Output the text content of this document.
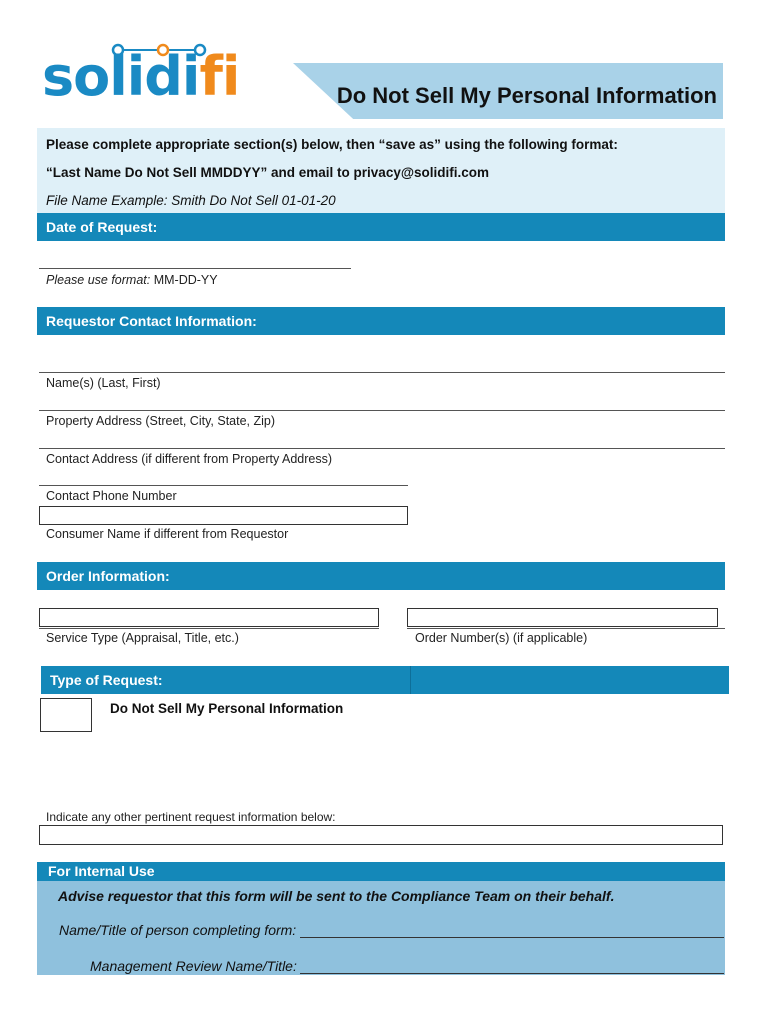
solidifi	Do Not Sell My Personal Information
Please complete appropriate section(s) below, then “save as” using the following format:
“Last Name Do Not Sell MMDDYY” and email to privacy@solidifi.com
File Name Example: Smith Do Not Sell 01-01-20
Date of Request:
Please use format: MM-DD-YY
Requestor Contact Information:
Name(s) (Last, First)
Property Address (Street, City, State, Zip)
Contact Address (if different from Property Address)
Contact Phone Number
Consumer Name if different from Requestor
Order Information:
Service Type (Appraisal, Title, etc.)	Order Number(s) (if applicable)
Type of Request:
Do Not Sell My Personal Information
Indicate any other pertinent request information below:
For Internal Use
Advise requestor that this form will be sent to the Compliance Team on their behalf.
Name/Title of person completing form:
Management Review Name/Title:
